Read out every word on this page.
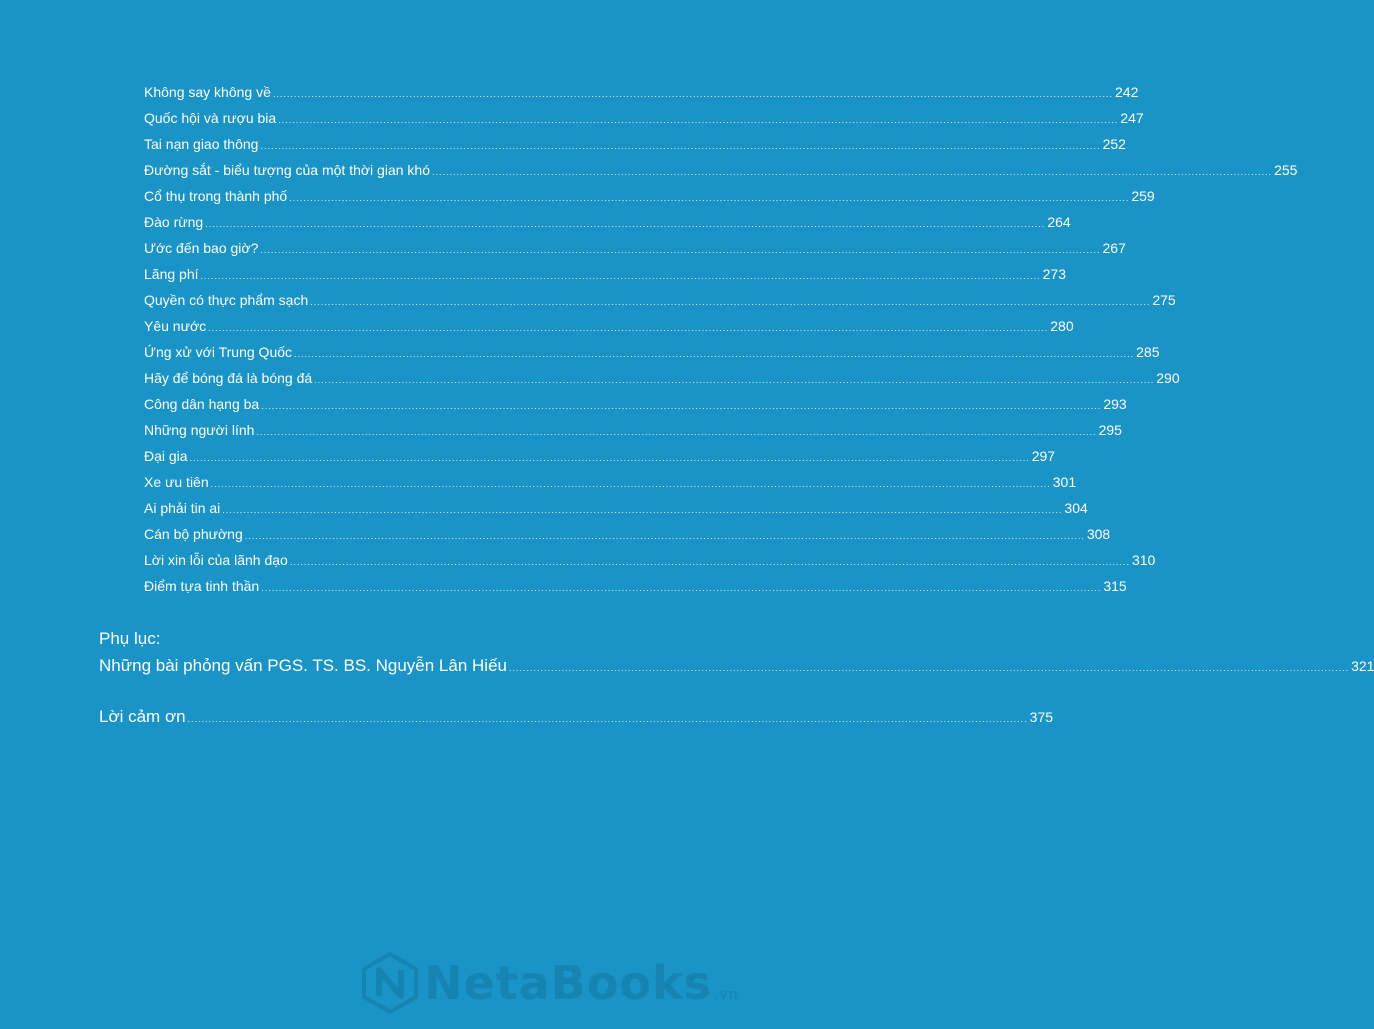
Không say không về .....	242
Quốc hội và rượu bia .....	247
Tai nạn giao thông .....	252
Đường sắt - biểu tượng của một thời gian khó .....	255
Cổ thụ trong thành phố .....	259
Đào rừng .....	264
Ước đến bao giờ? .....	267
Lãng phí .....	273
Quyền có thực phẩm sạch .....	275
Yêu nước .....	280
Ứng xử với Trung Quốc .....	285
Hãy để bóng đá là bóng đá .....	290
Công dân hạng ba .....	293
Những người lính .....	295
Đại gia .....	297
Xe ưu tiên .....	301
Ai phải tin ai .....	304
Cán bộ phường .....	308
Lời xin lỗi của lãnh đạo .....	310
Điểm tựa tinh thần .....	315
Phụ lục:
Những bài phỏng vấn PGS. TS. BS. Nguyễn Lân Hiếu .....	321
Lời cảm ơn .....	375
NetaBooks .vn
